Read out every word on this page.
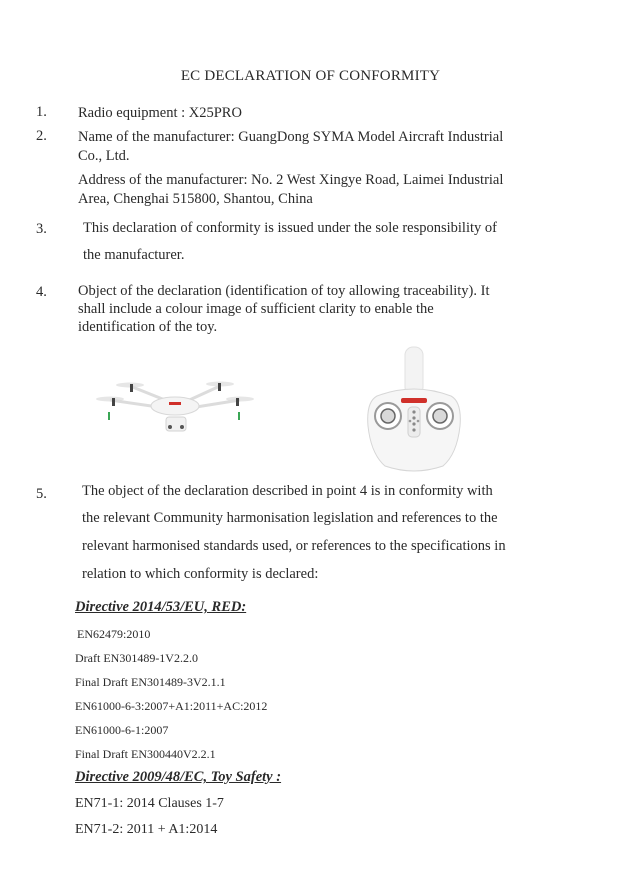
EC DECLARATION OF CONFORMITY
1. Radio equipment : X25PRO
2. Name of the manufacturer: GuangDong SYMA Model Aircraft Industrial
Co., Ltd.
Address of the manufacturer: No. 2 West Xingye Road, Laimei Industrial
Area, Chenghai 515800, Shantou, China
3. This declaration of conformity is issued under the sole responsibility of
the manufacturer.
4. Object of the declaration (identification of toy allowing traceability). It
shall include a colour image of sufficient clarity to enable the
identification of the toy.
5. The object of the declaration described in point 4 is in conformity with
the relevant Community harmonisation legislation and references to the
relevant harmonised standards used, or references to the specifications in
relation to which conformity is declared:
Directive 2014/53/EU, RED:
EN62479:2010
Draft EN301489-1V2.2.0
Final Draft EN301489-3V2.1.1
EN61000-6-3:2007+A1:2011+AC:2012
EN61000-6-1:2007
Final Draft EN300440V2.2.1
Directive 2009/48/EC, Toy Safety :
EN71-1: 2014 Clauses 1-7
EN71-2: 2011 + A1:2014
